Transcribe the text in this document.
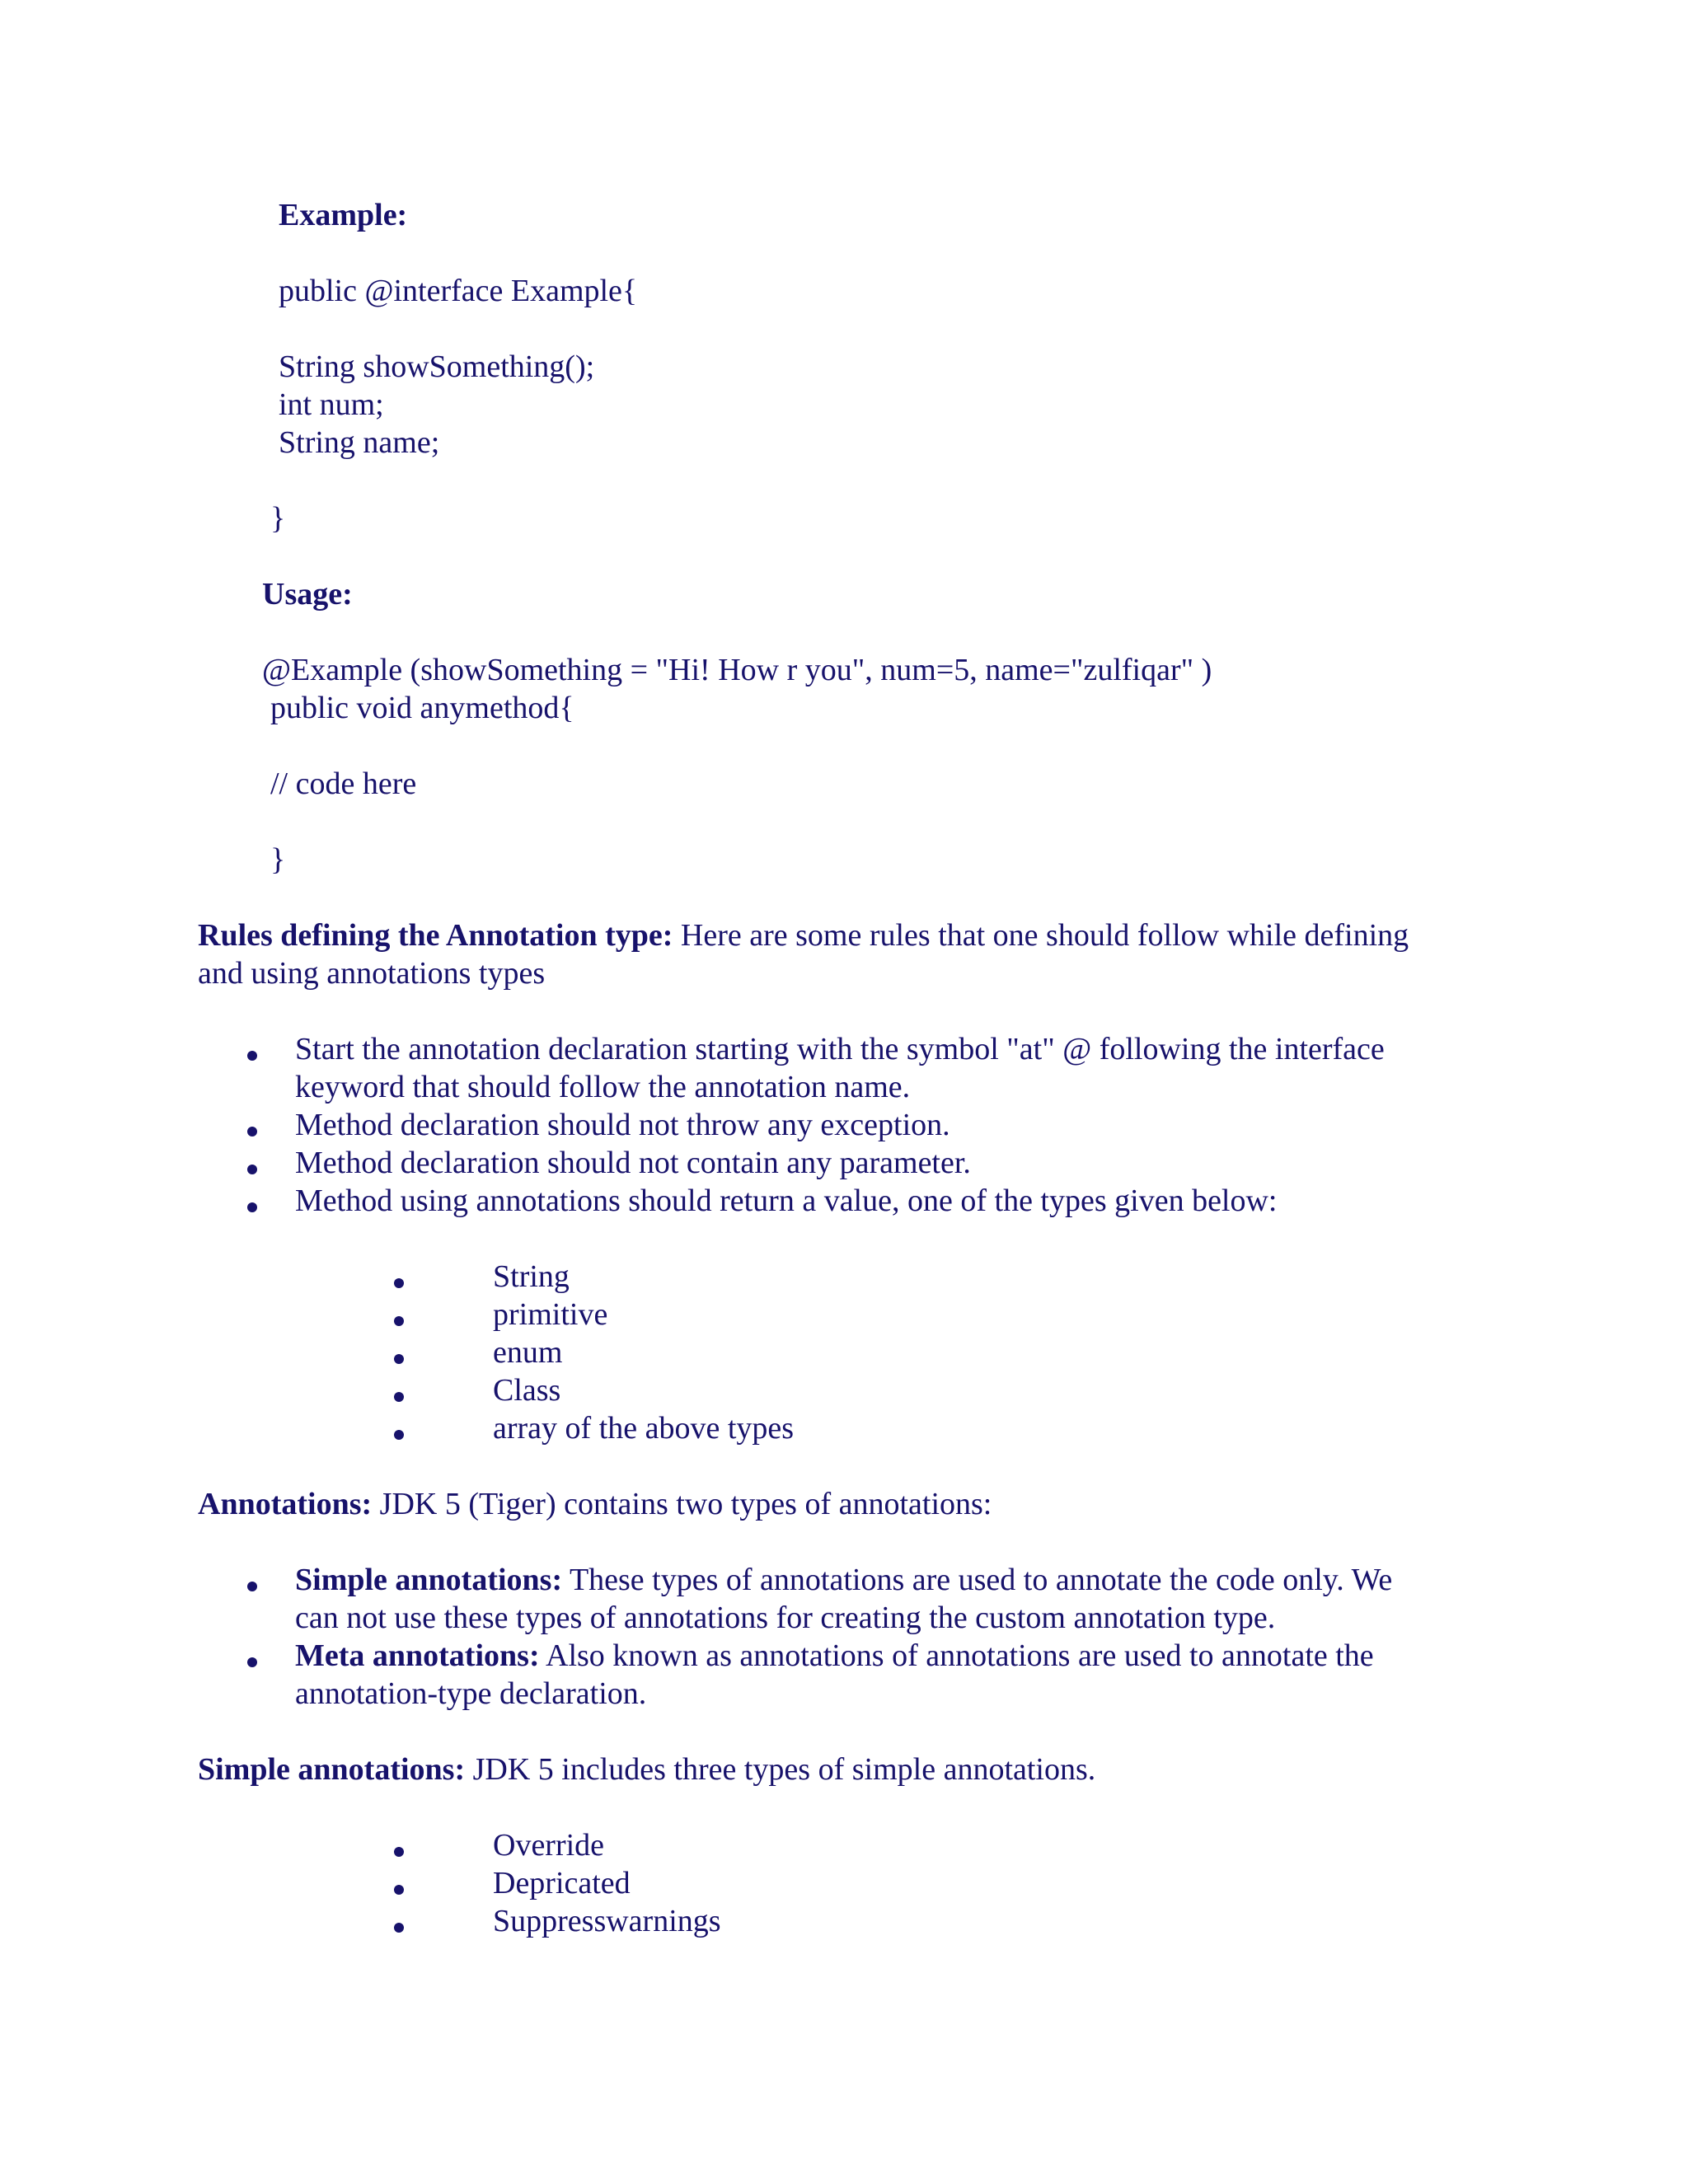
Example:
public @interface Example{
String showSomething();
int num;
String name;
}
Usage:
@Example (showSomething = "Hi! How r you", num=5, name="zulfiqar" )
public void anymethod{
// code here
}
Rules defining the Annotation type: Here are some rules that one should follow while defining
and using annotations types
Start the annotation declaration starting with the symbol "at" @ following the interface
keyword that should follow the annotation name.
Method declaration should not throw any exception.
Method declaration should not contain any parameter.
Method using annotations should return a value, one of the types given below:
String
primitive
enum
Class
array of the above types
Annotations: JDK 5 (Tiger) contains two types of annotations:
Simple annotations: These types of annotations are used to annotate the code only. We
can not use these types of annotations for creating the custom annotation type.
Meta annotations: Also known as annotations of annotations are used to annotate the
annotation-type declaration.
Simple annotations: JDK 5 includes three types of simple annotations.
Override
Depricated
Suppresswarnings
